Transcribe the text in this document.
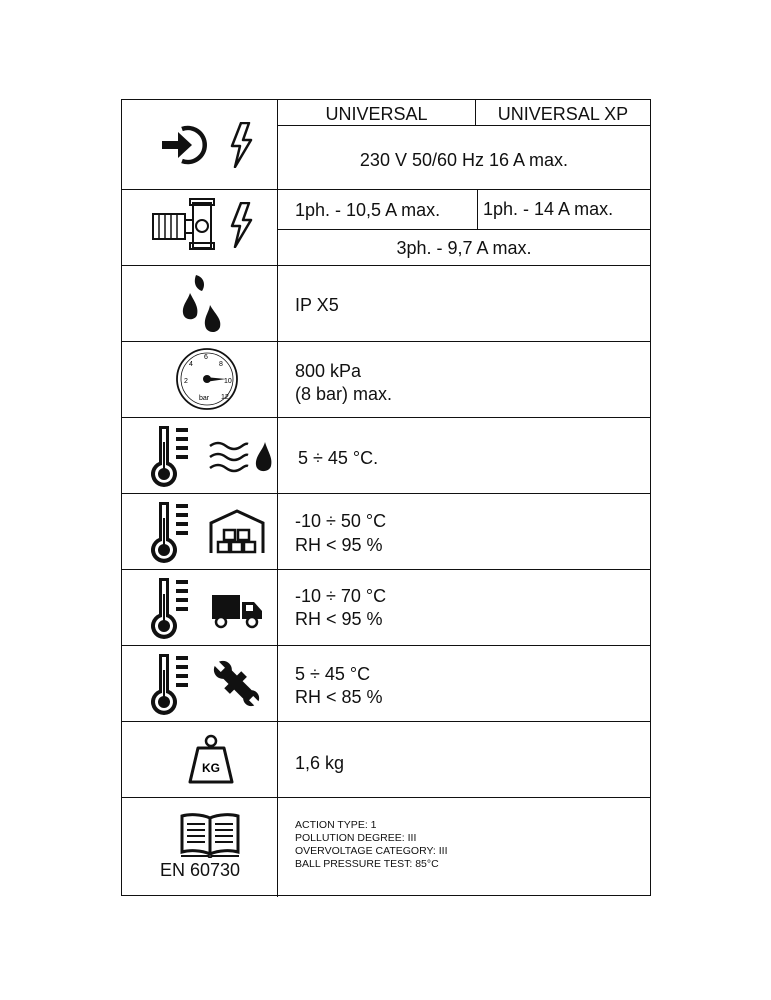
UNIVERSAL	UNIVERSAL XP
230 V 50/60 Hz 16 A max.
1ph. - 10,5 A max. 1ph. - 14 A max.
3ph. - 9,7 A max.
IP X5
2
4
6
8
10
12
bar
800 kPa
(8 bar) max.
5 ÷ 45 °C.
-10 ÷ 50 °C
RH < 95 %
-10 ÷ 70 °C
RH < 95 %
5 ÷ 45 °C
RH < 85 %
KG	1,6 kg
EN 60730
ACTION TYPE: 1
POLLUTION DEGREE: III
OVERVOLTAGE CATEGORY: III
BALL PRESSURE TEST: 85°C
